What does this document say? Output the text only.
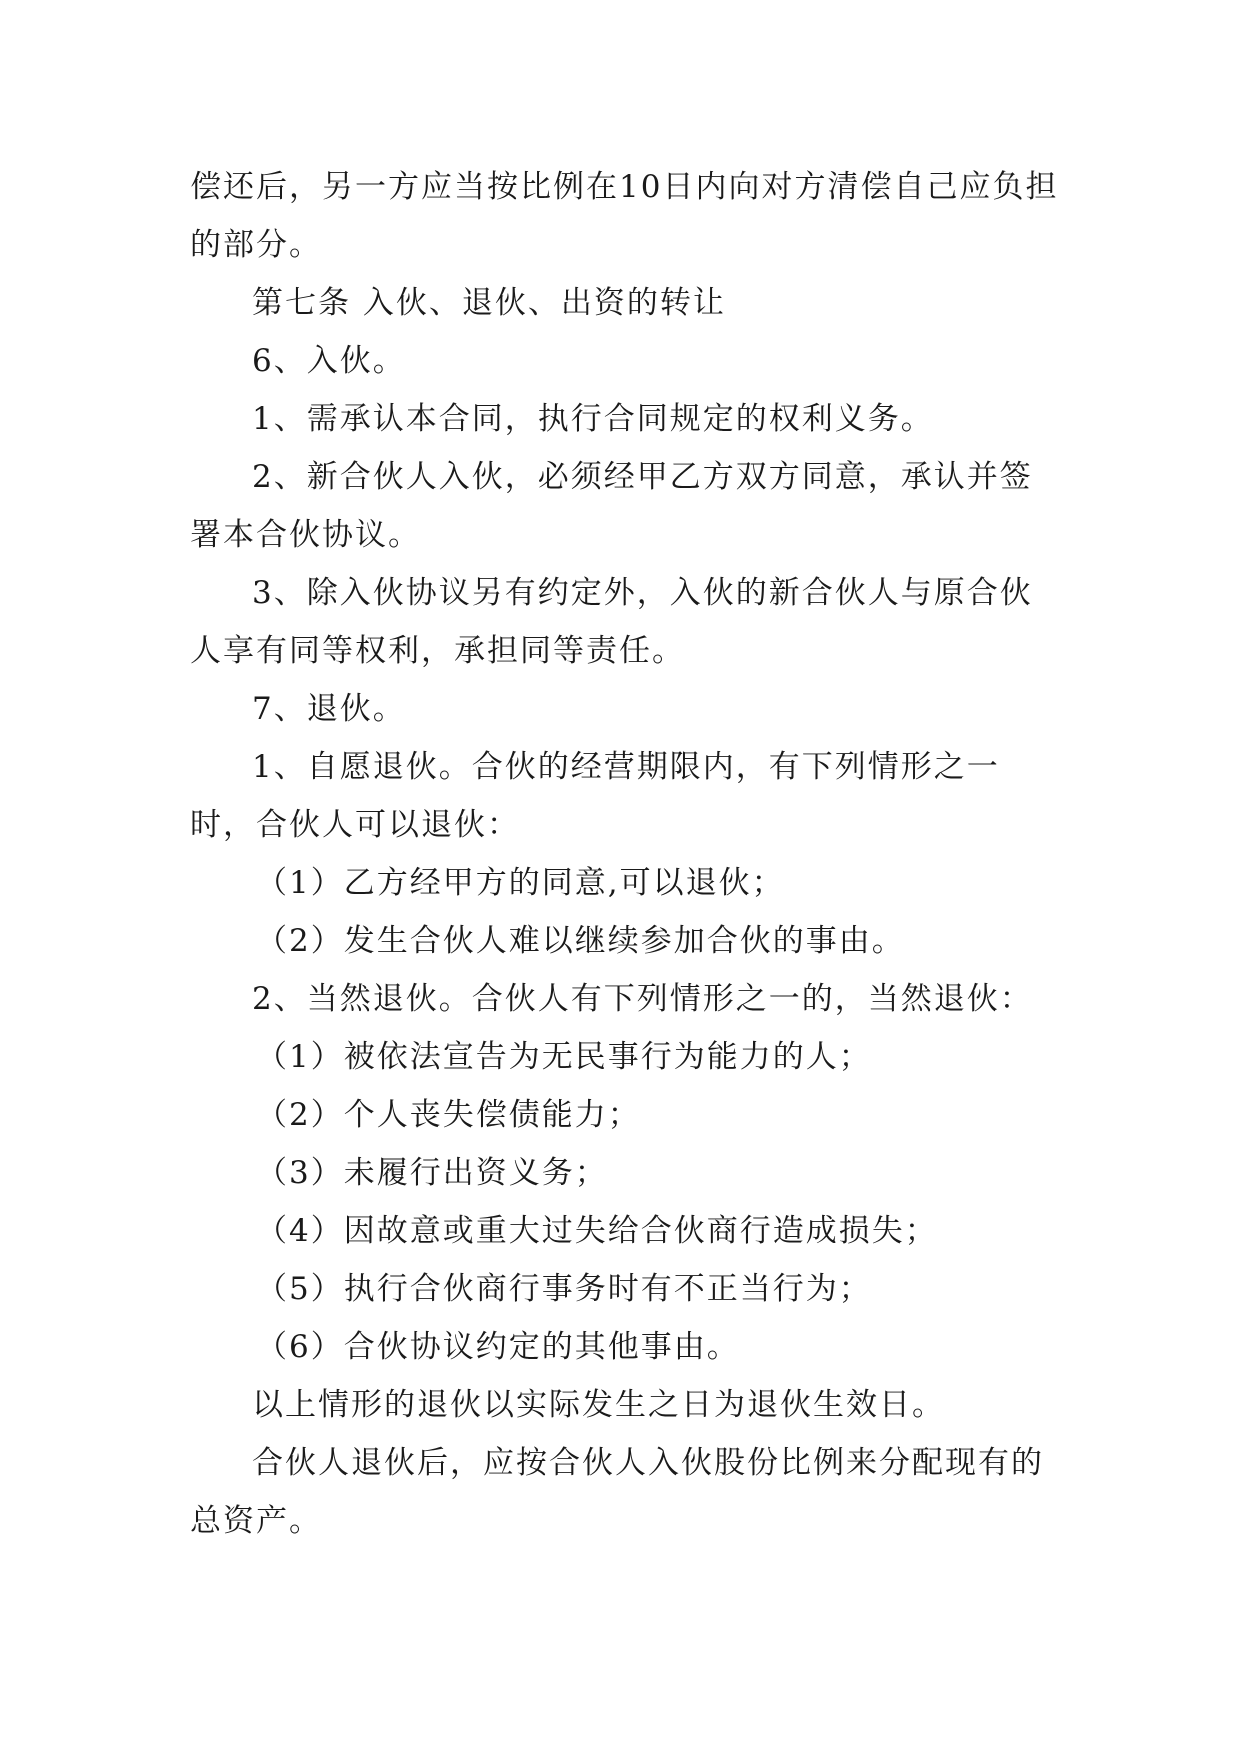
偿还后，另一方应当按比例在10日内向对方清偿自己应负担的部分。

第七条 入伙、退伙、出资的转让

6、入伙。

1、需承认本合同，执行合同规定的权利义务。

2、新合伙人入伙，必须经甲乙方双方同意，承认并签署本合伙协议。

3、除入伙协议另有约定外，入伙的新合伙人与原合伙人享有同等权利，承担同等责任。

7、退伙。

1、自愿退伙。合伙的经营期限内，有下列情形之一时，合伙人可以退伙：

（1）乙方经甲方的同意,可以退伙；

（2）发生合伙人难以继续参加合伙的事由。

2、当然退伙。合伙人有下列情形之一的，当然退伙：

（1）被依法宣告为无民事行为能力的人；

（2）个人丧失偿债能力；

（3）未履行出资义务；

（4）因故意或重大过失给合伙商行造成损失；

（5）执行合伙商行事务时有不正当行为；

（6）合伙协议约定的其他事由。

以上情形的退伙以实际发生之日为退伙生效日。

合伙人退伙后，应按合伙人入伙股份比例来分配现有的总资产。
